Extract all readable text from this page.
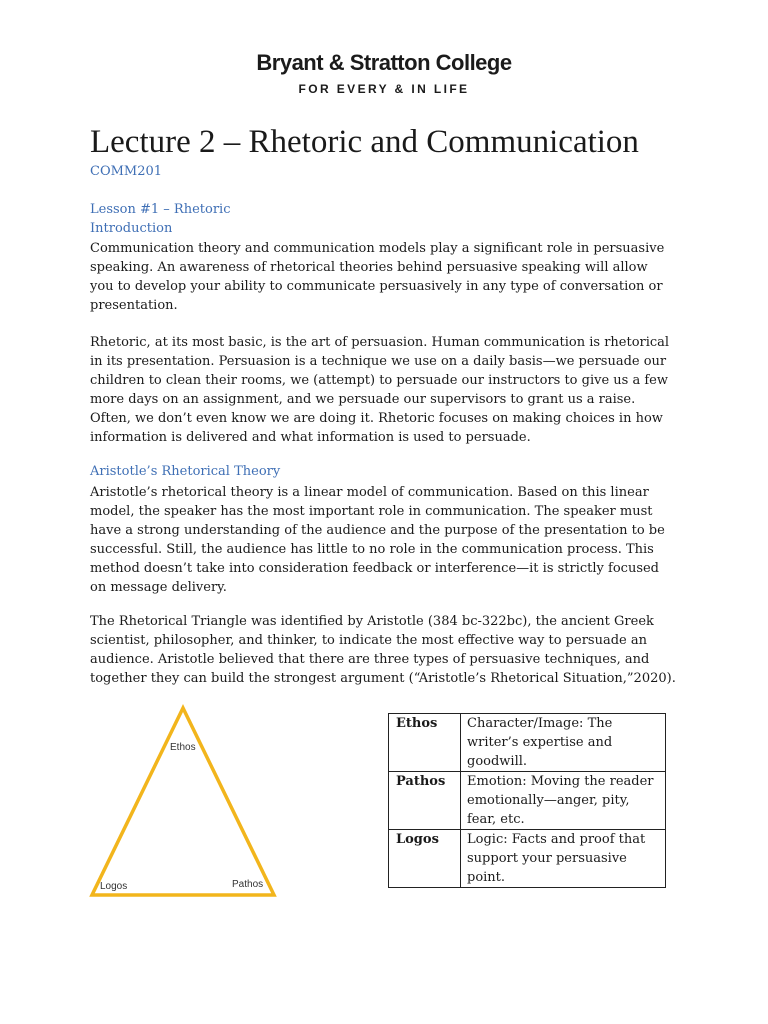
Bryant & Stratton College
FOR EVERY & IN LIFE
Lecture 2 – Rhetoric and Communication
COMM201
Lesson #1 – Rhetoric
Introduction

Communication theory and communication models play a significant role in persuasive
speaking. An awareness of rhetorical theories behind persuasive speaking will allow
you to develop your ability to communicate persuasively in any type of conversation or
presentation.

Rhetoric, at its most basic, is the art of persuasion. Human communication is rhetorical
in its presentation. Persuasion is a technique we use on a daily basis—we persuade our
children to clean their rooms, we (attempt) to persuade our instructors to give us a few
more days on an assignment, and we persuade our supervisors to grant us a raise.
Often, we don’t even know we are doing it. Rhetoric focuses on making choices in how
information is delivered and what information is used to persuade.

Aristotle’s Rhetorical Theory

Aristotle’s rhetorical theory is a linear model of communication. Based on this linear
model, the speaker has the most important role in communication. The speaker must
have a strong understanding of the audience and the purpose of the presentation to be
successful. Still, the audience has little to no role in the communication process. This
method doesn’t take into consideration feedback or interference—it is strictly focused
on message delivery.

The Rhetorical Triangle was identified by Aristotle (384 bc-322bc), the ancient Greek
scientist, philosopher, and thinker, to indicate the most effective way to persuade an
audience. Aristotle believed that there are three types of persuasive techniques, and
together they can build the strongest argument (“Aristotle’s Rhetorical Situation,”2020).

Ethos
Logos	Pathos
Ethos	Character/Image: The writer’s expertise and goodwill.
Pathos	Emotion: Moving the reader emotionally—anger, pity, fear, etc.
Logos	Logic: Facts and proof that support your persuasive point.
